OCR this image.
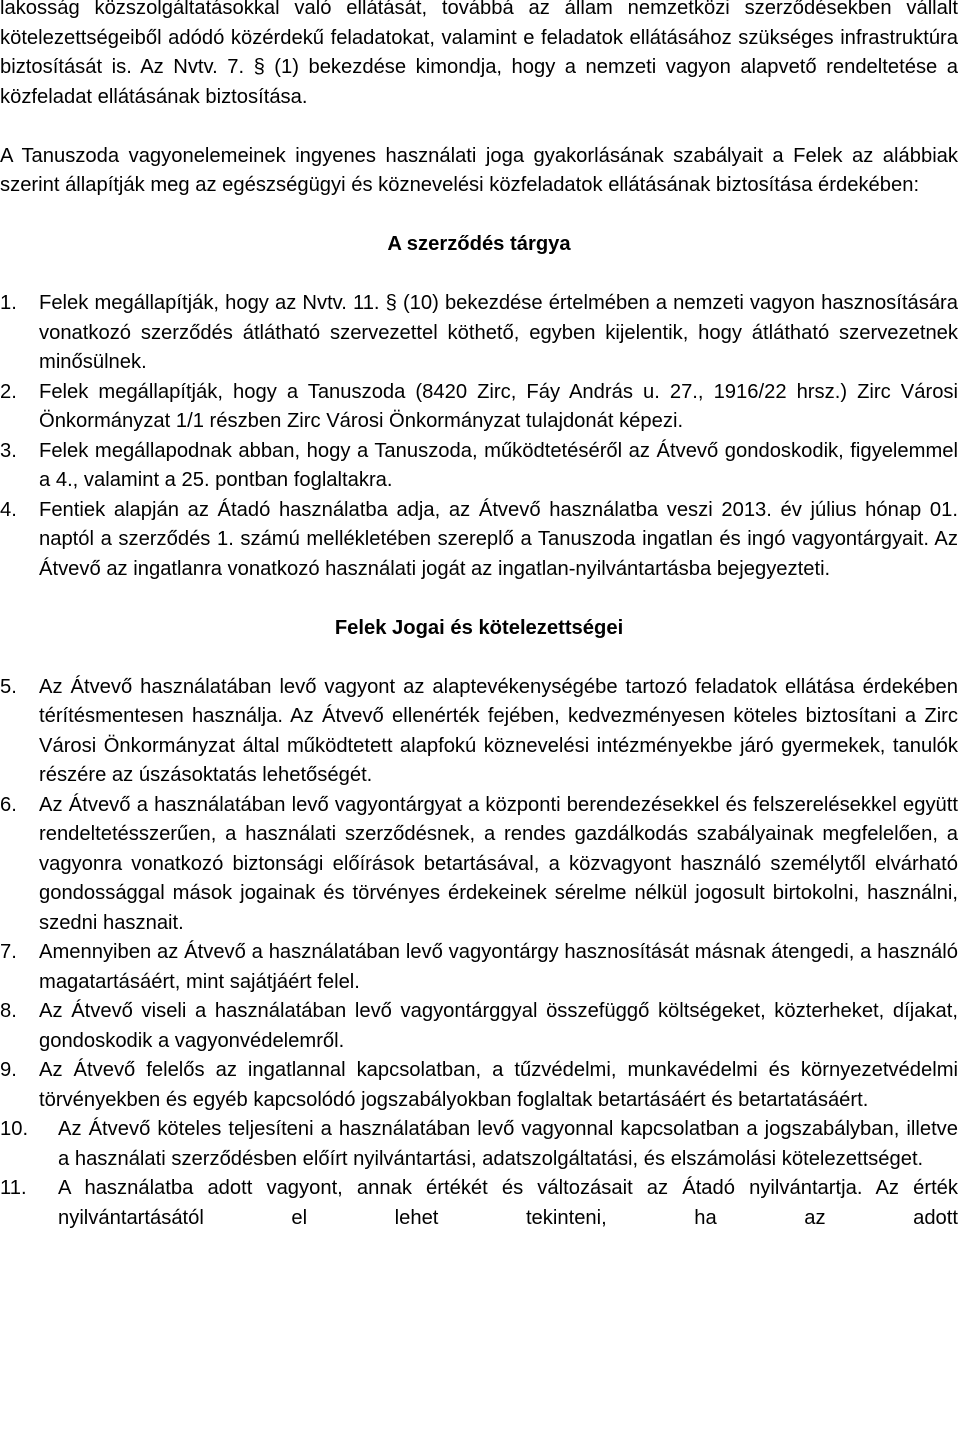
lakosság közszolgáltatásokkal való ellátását, továbbá az állam nemzetközi szerződésekben vállalt kötelezettségeiből adódó közérdekű feladatokat, valamint e feladatok ellátásához szükséges infrastruktúra biztosítását is. Az Nvtv. 7. § (1) bekezdése kimondja, hogy a nemzeti vagyon alapvető rendeltetése a közfeladat ellátásának biztosítása.

A Tanuszoda vagyonelemeinek ingyenes használati joga gyakorlásának szabályait a Felek az alábbiak szerint állapítják meg az egészségügyi és köznevelési közfeladatok ellátásának biztosítása érdekében:

A szerződés tárgya

1.	Felek megállapítják, hogy az Nvtv. 11. § (10) bekezdése értelmében a nemzeti vagyon hasznosítására vonatkozó szerződés átlátható szervezettel köthető, egyben kijelentik, hogy átlátható szervezetnek minősülnek.
2.	Felek megállapítják, hogy a Tanuszoda (8420 Zirc, Fáy András u. 27., 1916/22 hrsz.) Zirc Városi Önkormányzat 1/1 részben Zirc Városi Önkormányzat tulajdonát képezi.
3.	Felek megállapodnak abban, hogy a Tanuszoda, működtetéséről az Átvevő gondoskodik, figyelemmel a 4., valamint a 25. pontban foglaltakra.
4.	Fentiek alapján az Átadó használatba adja, az Átvevő használatba veszi 2013. év július hónap 01. naptól a szerződés 1. számú mellékletében szereplő a Tanuszoda ingatlan és ingó vagyontárgyait. Az Átvevő az ingatlanra vonatkozó használati jogát az ingatlan-nyilvántartásba bejegyezteti.

Felek Jogai és kötelezettségei

5.	Az Átvevő használatában levő vagyont az alaptevékenységébe tartozó feladatok ellátása érdekében térítésmentesen használja. Az Átvevő ellenérték fejében, kedvezményesen köteles biztosítani a Zirc Városi Önkormányzat által működtetett alapfokú köznevelési intézményekbe járó gyermekek, tanulók részére az úszásoktatás lehetőségét.
6.	Az Átvevő a használatában levő vagyontárgyat a központi berendezésekkel és felszerelésekkel együtt rendeltetésszerűen, a használati szerződésnek, a rendes gazdálkodás szabályainak megfelelően, a vagyonra vonatkozó biztonsági előírások betartásával, a közvagyont használó személytől elvárható gondossággal mások jogainak és törvényes érdekeinek sérelme nélkül jogosult birtokolni, használni, szedni hasznait.
7.	Amennyiben az Átvevő a használatában levő vagyontárgy hasznosítását másnak átengedi, a használó magatartásáért, mint sajátjáért felel.
8.	Az Átvevő viseli a használatában levő vagyontárggyal összefüggő költségeket, közterheket, díjakat, gondoskodik a vagyonvédelemről.
9.	Az Átvevő felelős az ingatlannal kapcsolatban, a tűzvédelmi, munkavédelmi és környezetvédelmi törvényekben és egyéb kapcsolódó jogszabályokban foglaltak betartásáért és betartatásáért.
10.	Az Átvevő köteles teljesíteni a használatában levő vagyonnal kapcsolatban a jogszabályban, illetve a használati szerződésben előírt nyilvántartási, adatszolgáltatási, és elszámolási kötelezettséget.
11.	A használatba adott vagyont, annak értékét és változásait az Átadó nyilvántartja. Az érték nyilvántartásától el lehet tekinteni, ha az adott
